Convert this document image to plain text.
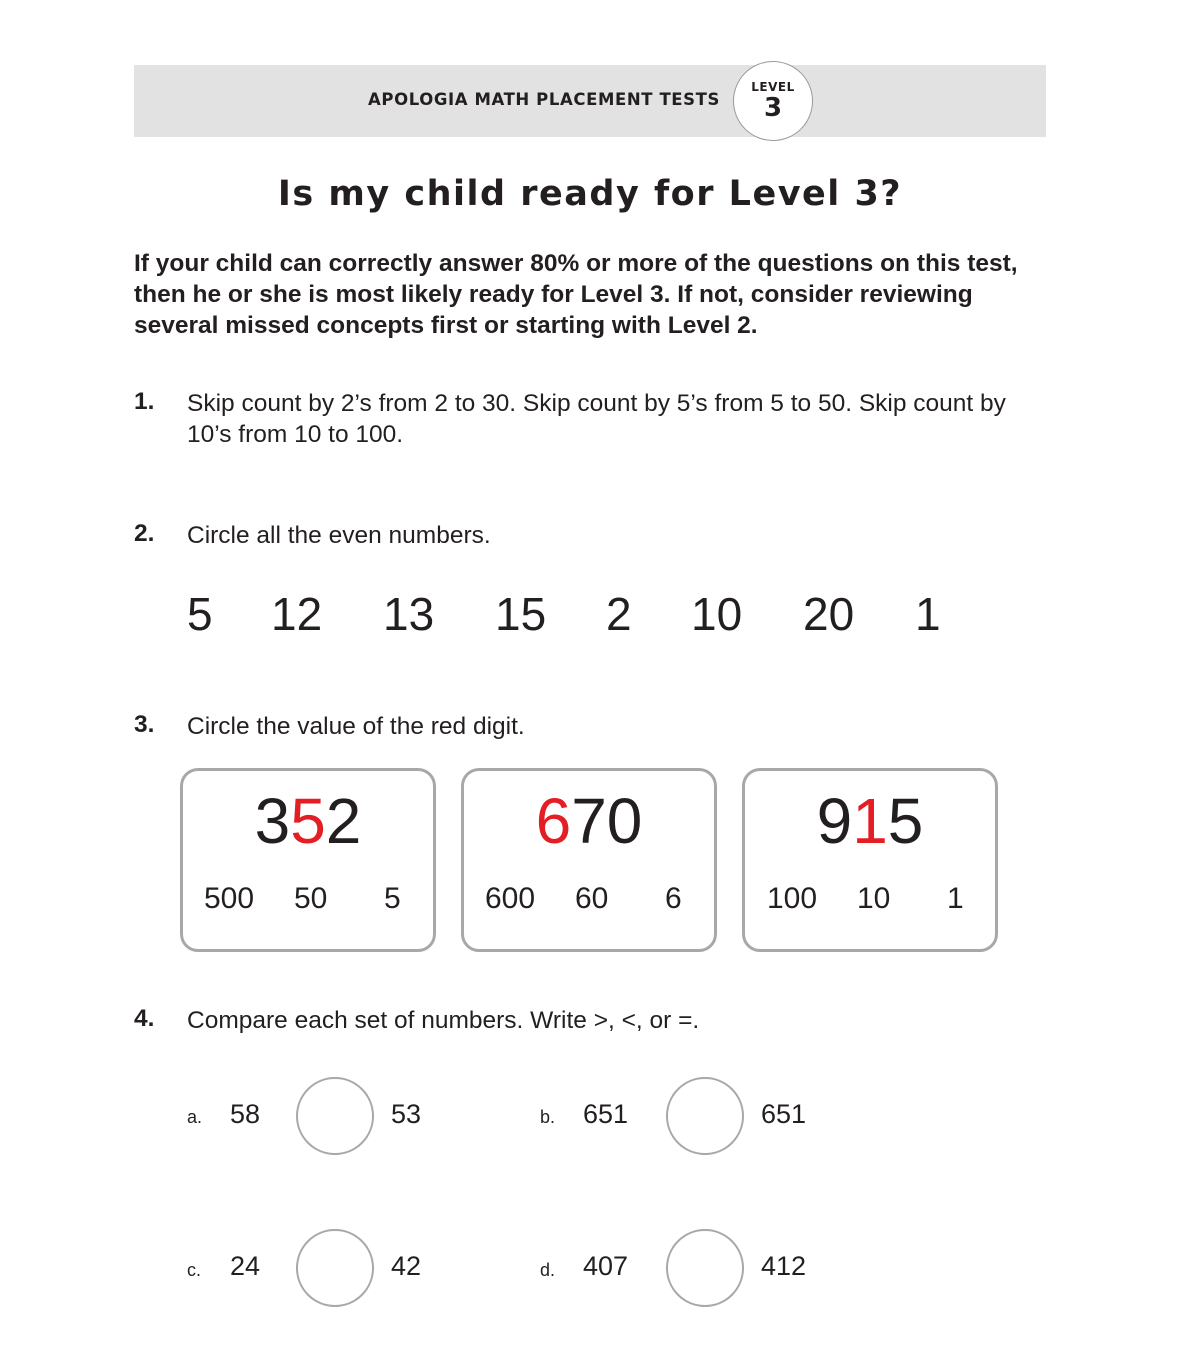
APOLOGIA MATH PLACEMENT TESTS
LEVEL
3
Is my child ready for Level 3?
If your child can correctly answer 80% or more of the questions on this test, then he or she is most likely ready for Level 3. If not, consider reviewing several missed concepts first or starting with Level 2.
1. Skip count by 2’s from 2 to 30. Skip count by 5’s from 5 to 50. Skip count by 10’s from 10 to 100.
2. Circle all the even numbers.
5 12 13 15 2 10 20 1
3. Circle the value of the red digit.
352
500 50 5
670
600 60 6
915
100 10 1
4. Compare each set of numbers. Write >, <, or =.
a. 58	53	b. 651	651
c. 24	42	d. 407	412
